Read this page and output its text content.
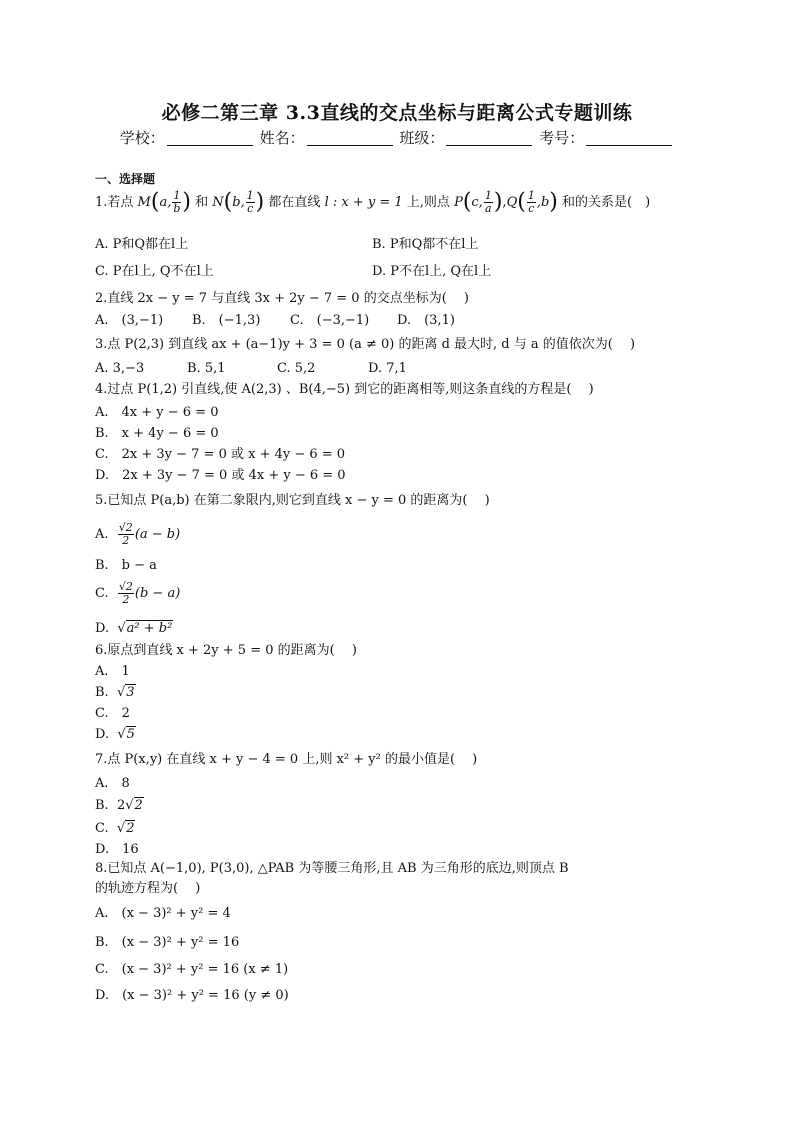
必修二第三章 3.3直线的交点坐标与距离公式专题训练
学校：	姓名：	班级：	考号：
一、选择题
1.若点 M(a, $\frac{1}{b}$ ) 和 N(b, $\frac{1}{c}$ ) 都在直线 l : x + y = 1 上,则点 P(c, $\frac{1}{a} ),Q( \frac{1}{c} ,b)$ 和的关系是(　)
A. P和Q都在l上	B. P和Q都不在l上
C. P在l上, Q不在l上	D. P不在l上, Q在l上
2.直线 2x − y = 7 与直线 3x + 2y − 7 = 0 的交点坐标为(　 )
A.　(3,−1) B.　(−1,3) C.　(−3,−1) D.　(3,1)
3.点 P(2,3) 到直线 ax + (a−1)y + 3 = 0 (a ≠ 0) 的距离 d 最大时, d 与 a 的值依次为(　 )
A. 3,−3	B. 5,1	C. 5,2	D. 7,1
4.过点 P(1,2) 引直线,使 A(2,3) 、B(4,−5) 到它的距离相等,则这条直线的方程是(　 )
A.　4x + y − 6 = 0
B.　x + 4y − 6 = 0
C.　2x + 3y − 7 = 0 或 x + 4y − 6 = 0
D.　2x + 3y − 7 = 0 或 4x + y − 6 = 0
5.已知点 P(a,b) 在第二象限内,则它到直线 x − y = 0 的距离为(　 )
A. $\frac{√2}{2} (a - b)$
B.　b − a
C. $\frac{√2}{2} (b - a)$
D. √a² + b²
6.原点到直线 x + 2y + 5 = 0 的距离为(　 )
A.　1
B. √3
C.　2
D. √5
7.点 P(x,y) 在直线 x + y − 4 = 0 上,则 x² + y² 的最小值是(　 )
A.　8
B. 2√2
C. √2
D.　16
8.已知点 A(−1,0), P(3,0), △PAB 为等腰三角形,且 AB 为三角形的底边,则顶点 B
的轨迹方程为(　 )
A.　(x − 3)² + y² = 4
B.　(x − 3)² + y² = 16
C.　(x − 3)² + y² = 16 (x ≠ 1)
D.　(x − 3)² + y² = 16 (y ≠ 0)
